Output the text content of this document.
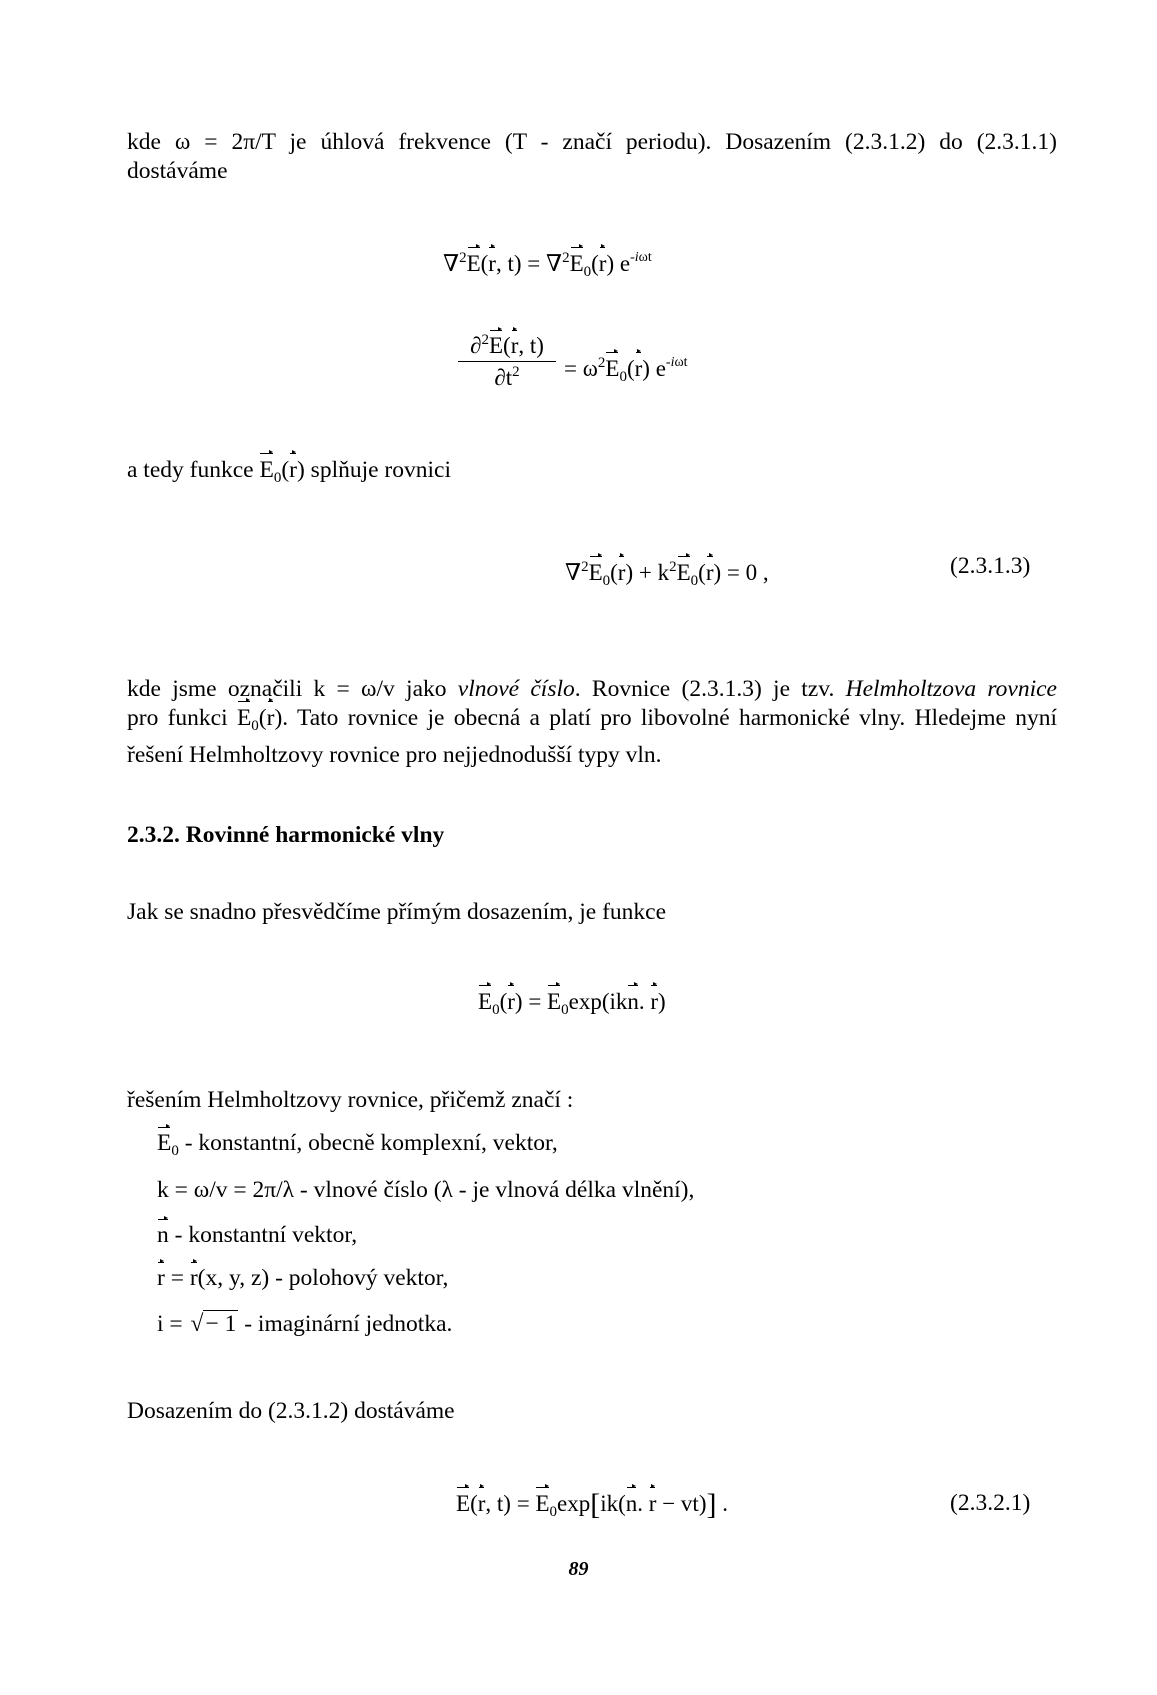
kde ω = 2π/T je úhlová frekvence (T - značí periodu). Dosazením (2.3.1.2) do (2.3.1.1)
dostáváme

∇$^2$E(r, $t) = \nabla^2E_0(r)$ $e^{-i\omega t}$
$\frac{\partial^2E(r, t)}{\partial t^2} = \omega^2E_0(r)$ $e^{-i\omega t}$

a tedy funkce $E_0(r)$ splňuje rovnici

$\nabla^2E_0(r) + k^2E_0(r) = 0$ ,	(2.3.1.3)

kde jsme označili k = ω/v jako vlnové číslo. Rovnice (2.3.1.3) je tzv. Helmholtzova rovnice
pro funkci $E_0(r)$. Tato rovnice je obecná a platí pro libovolné harmonické vlny. Hledejme nyní
řešení Helmholtzovy rovnice pro nejjednodušší typy vln.

2.3.2. Rovinné harmonické vlny

Jak se snadno přesvědčíme přímým dosazením, je funkce

$E_0(r) = E_0\exp(ikn$. r)

řešením Helmholtzovy rovnice, přičemž značí :

$E_0$ - konstantní, obecně komplexní, vektor,
k = ω/v = 2π/λ - vlnové číslo (λ - je vlnová délka vlnění),
n - konstantní vektor,
r = r(x, y, z) - polohový vektor,
i = √− 1 - imaginární jednotka.

Dosazením do (2.3.1.2) dostáváme

E(r, $t) = E_0\exp[ik(n$. r − vt)] .	(2.3.2.1)
89
